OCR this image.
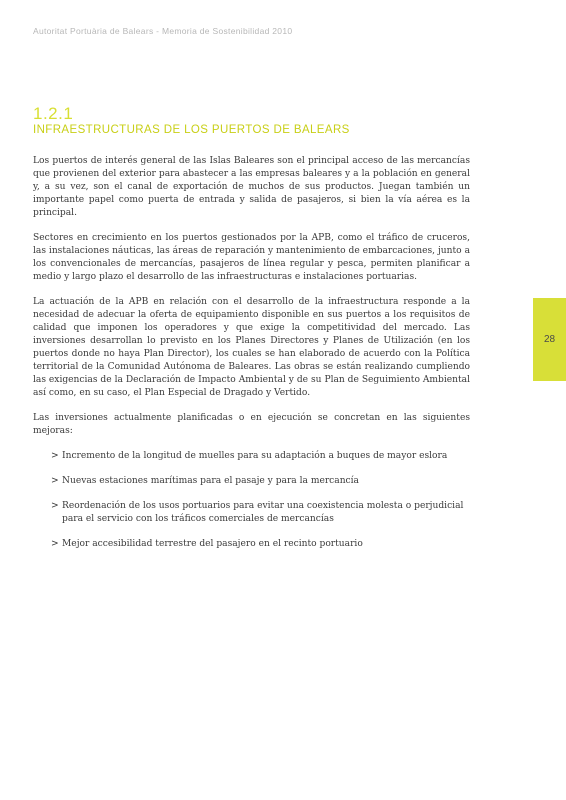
Autoritat Portuària de Balears - Memoria de Sostenibilidad 2010
1.2.1
INFRAESTRUCTURAS DE LOS PUERTOS DE BALEARS

Los puertos de interés general de las Islas Baleares son el principal acceso de las mercancías que provienen del exterior para abastecer a las empresas baleares y a la población en general y, a su vez, son el canal de exportación de muchos de sus productos. Juegan también un importante papel como puerta de entrada y salida de pasajeros, si bien la vía aérea es la principal.

Sectores en crecimiento en los puertos gestionados por la APB, como el tráfico de cruceros, las instalaciones náuticas, las áreas de reparación y mantenimiento de embarcaciones, junto a los convencionales de mercancías, pasajeros de línea regular y pesca, permiten planificar a medio y largo plazo el desarrollo de las infraestructuras e instalaciones portuarias.

La actuación de la APB en relación con el desarrollo de la infraestructura responde a la necesidad de adecuar la oferta de equipamiento disponible en sus puertos a los requisitos de calidad que imponen los operadores y que exige la competitividad del mercado. Las inversiones desarrollan lo previsto en los Planes Directores y Planes de Utilización (en los puertos donde no haya Plan Director), los cuales se han elaborado de acuerdo con la Política territorial de la Comunidad Autónoma de Baleares. Las obras se están realizando cumpliendo las exigencias de la Declaración de Impacto Ambiental y de su Plan de Seguimiento Ambiental así como, en su caso, el Plan Especial de Dragado y Vertido.

Las inversiones actualmente planificadas o en ejecución se concretan en las siguientes mejoras:

> Incremento de la longitud de muelles para su adaptación a buques de mayor eslora
> Nuevas estaciones marítimas para el pasaje y para la mercancía
> Reordenación de los usos portuarios para evitar una coexistencia molesta o perjudicial para el servicio con los tráficos comerciales de mercancías
> Mejor accesibilidad terrestre del pasajero en el recinto portuario
28
